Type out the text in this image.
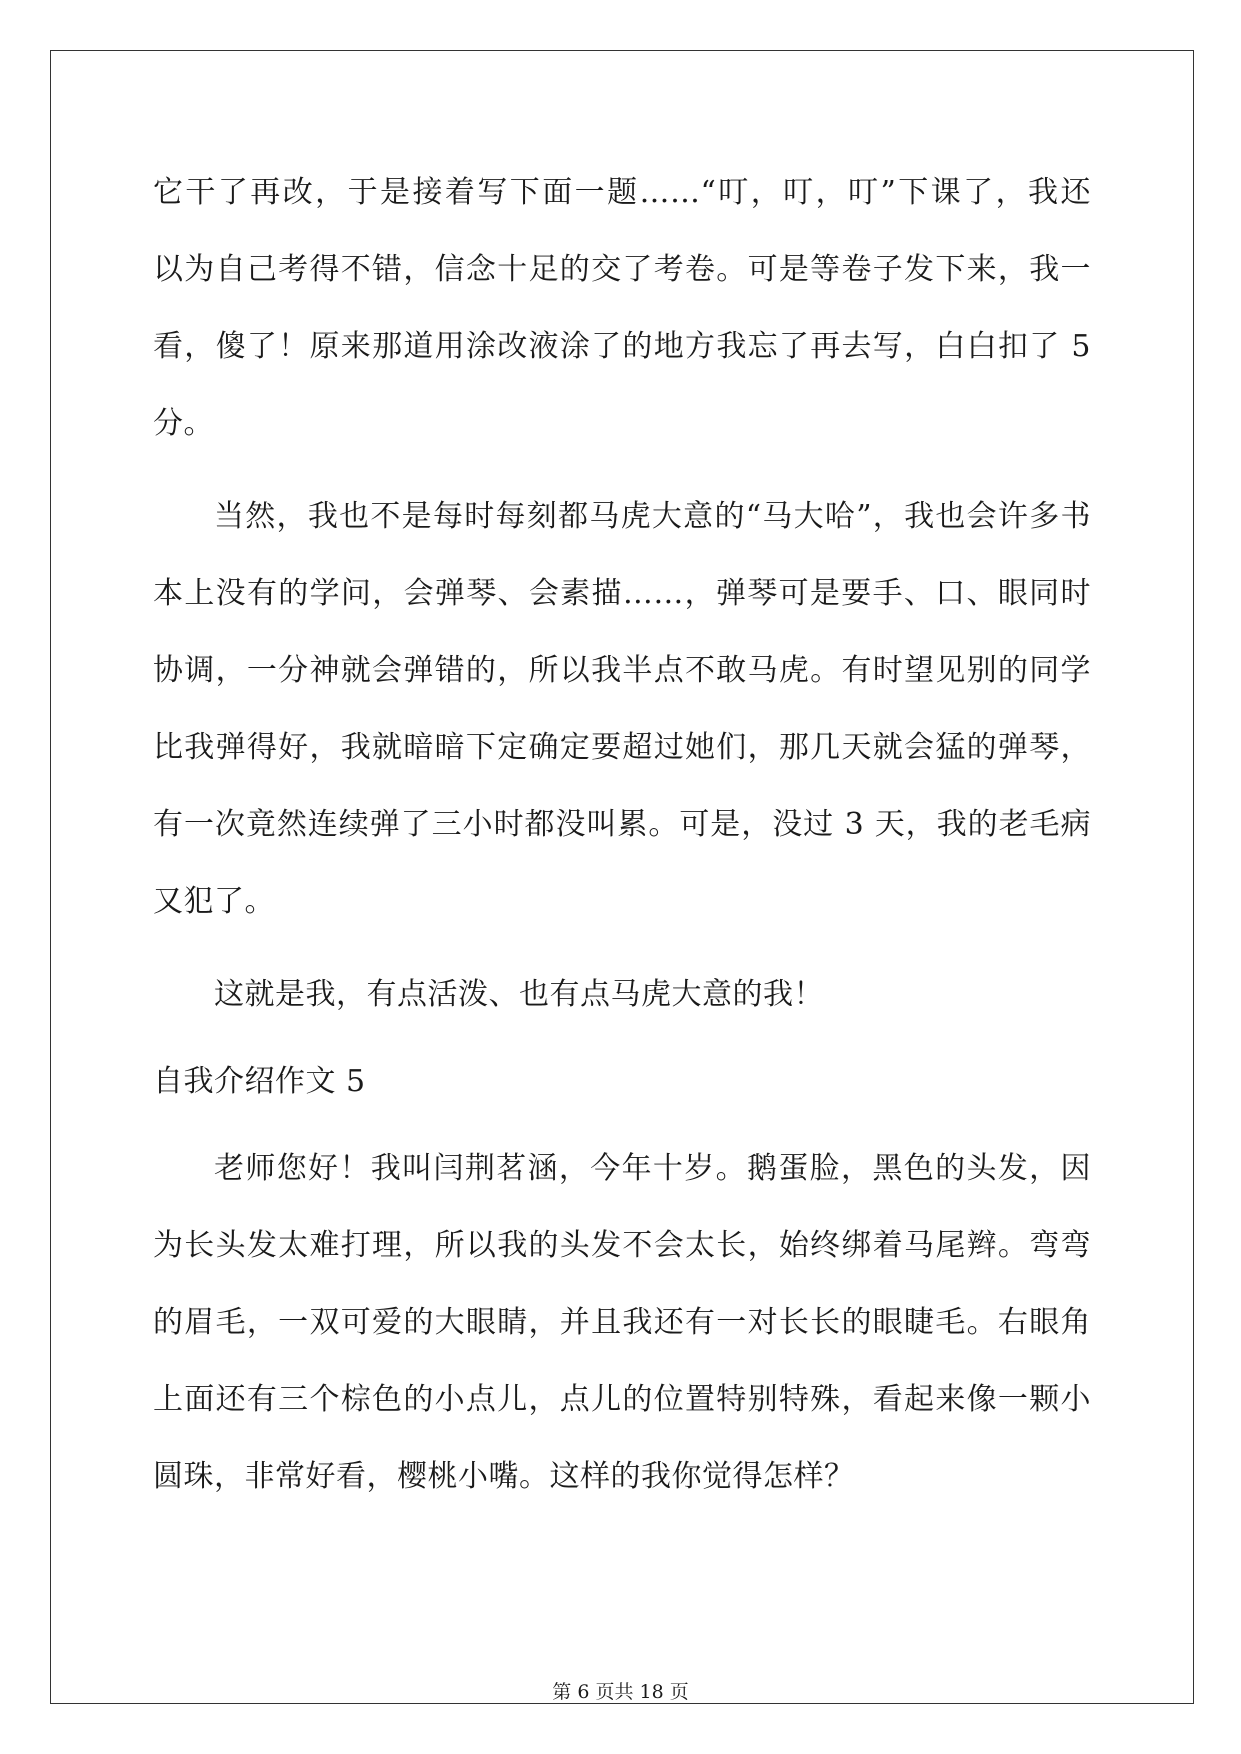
它干了再改，于是接着写下面一题……“叮，叮，叮”下课了，我还
以为自己考得不错，信念十足的交了考卷。可是等卷子发下来，我一
看，傻了！原来那道用涂改液涂了的地方我忘了再去写，白白扣了 5
分。
当然，我也不是每时每刻都马虎大意的“马大哈”，我也会许多书
本上没有的学问，会弹琴、会素描……，弹琴可是要手、口、眼同时
协调，一分神就会弹错的，所以我半点不敢马虎。有时望见别的同学
比我弹得好，我就暗暗下定确定要超过她们，那几天就会猛的弹琴，
有一次竟然连续弹了三小时都没叫累。可是，没过 3 天，我的老毛病
又犯了。
这就是我，有点活泼、也有点马虎大意的我！
自我介绍作文 5
老师您好！我叫闫荆茗涵，今年十岁。鹅蛋脸，黑色的头发，因
为长头发太难打理，所以我的头发不会太长，始终绑着马尾辫。弯弯
的眉毛，一双可爱的大眼睛，并且我还有一对长长的眼睫毛。右眼角
上面还有三个棕色的小点儿，点儿的位置特别特殊，看起来像一颗小
圆珠，非常好看，樱桃小嘴。这样的我你觉得怎样？
第 6 页共 18 页
